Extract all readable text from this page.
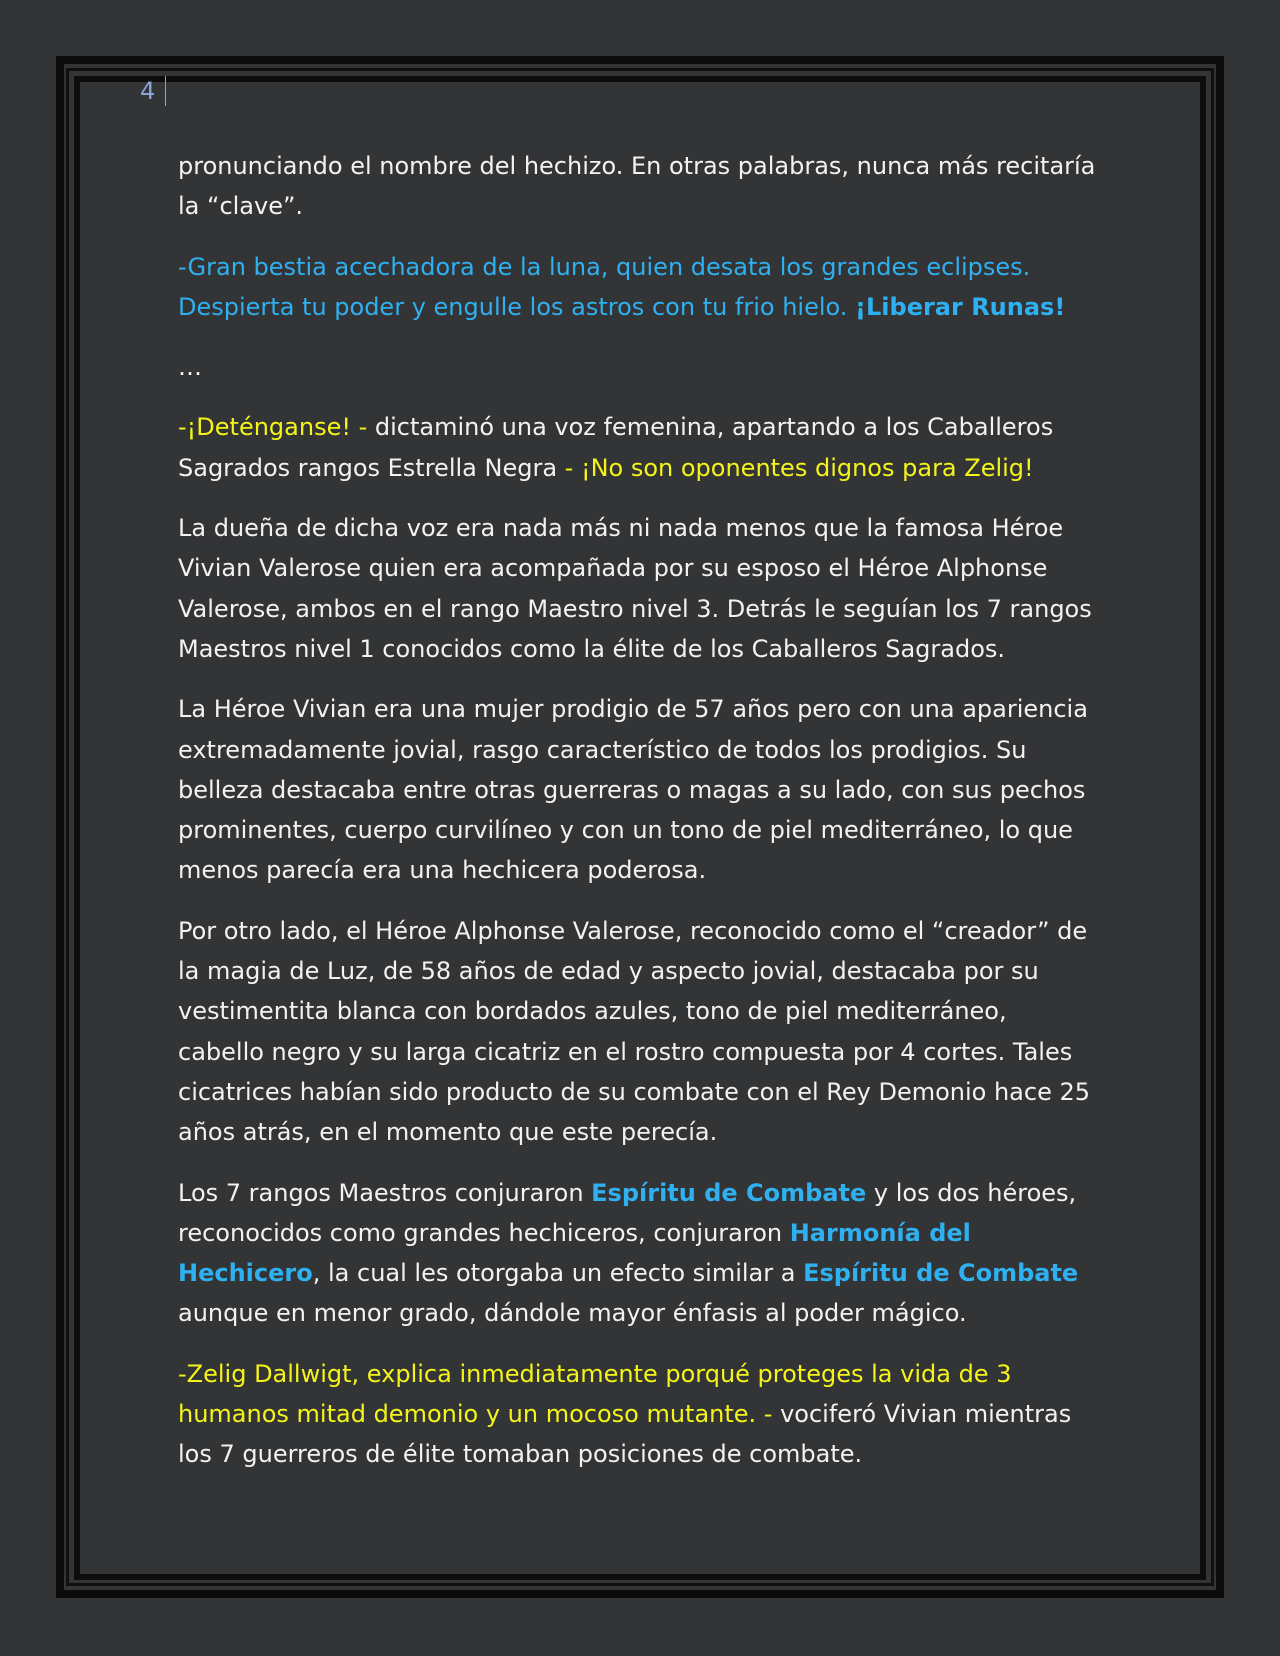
4

pronunciando el nombre del hechizo. En otras palabras, nunca más recitaría la “clave”.

-Gran bestia acechadora de la luna, quien desata los grandes eclipses. Despierta tu poder y engulle los astros con tu frio hielo. ¡Liberar Runas!

…

-¡Deténganse! - dictaminó una voz femenina, apartando a los Caballeros Sagrados rangos Estrella Negra - ¡No son oponentes dignos para Zelig!

La dueña de dicha voz era nada más ni nada menos que la famosa Héroe Vivian Valerose quien era acompañada por su esposo el Héroe Alphonse Valerose, ambos en el rango Maestro nivel 3. Detrás le seguían los 7 rangos Maestros nivel 1 conocidos como la élite de los Caballeros Sagrados.

La Héroe Vivian era una mujer prodigio de 57 años pero con una apariencia extremadamente jovial, rasgo característico de todos los prodigios. Su belleza destacaba entre otras guerreras o magas a su lado, con sus pechos prominentes, cuerpo curvilíneo y con un tono de piel mediterráneo, lo que menos parecía era una hechicera poderosa.

Por otro lado, el Héroe Alphonse Valerose, reconocido como el “creador” de la magia de Luz, de 58 años de edad y aspecto jovial, destacaba por su vestimentita blanca con bordados azules, tono de piel mediterráneo, cabello negro y su larga cicatriz en el rostro compuesta por 4 cortes. Tales cicatrices habían sido producto de su combate con el Rey Demonio hace 25 años atrás, en el momento que este perecía.

Los 7 rangos Maestros conjuraron Espíritu de Combate y los dos héroes, reconocidos como grandes hechiceros, conjuraron Harmonía del Hechicero, la cual les otorgaba un efecto similar a Espíritu de Combate aunque en menor grado, dándole mayor énfasis al poder mágico.

-Zelig Dallwigt, explica inmediatamente porqué proteges la vida de 3 humanos mitad demonio y un mocoso mutante. - vociferó Vivian mientras los 7 guerreros de élite tomaban posiciones de combate.
